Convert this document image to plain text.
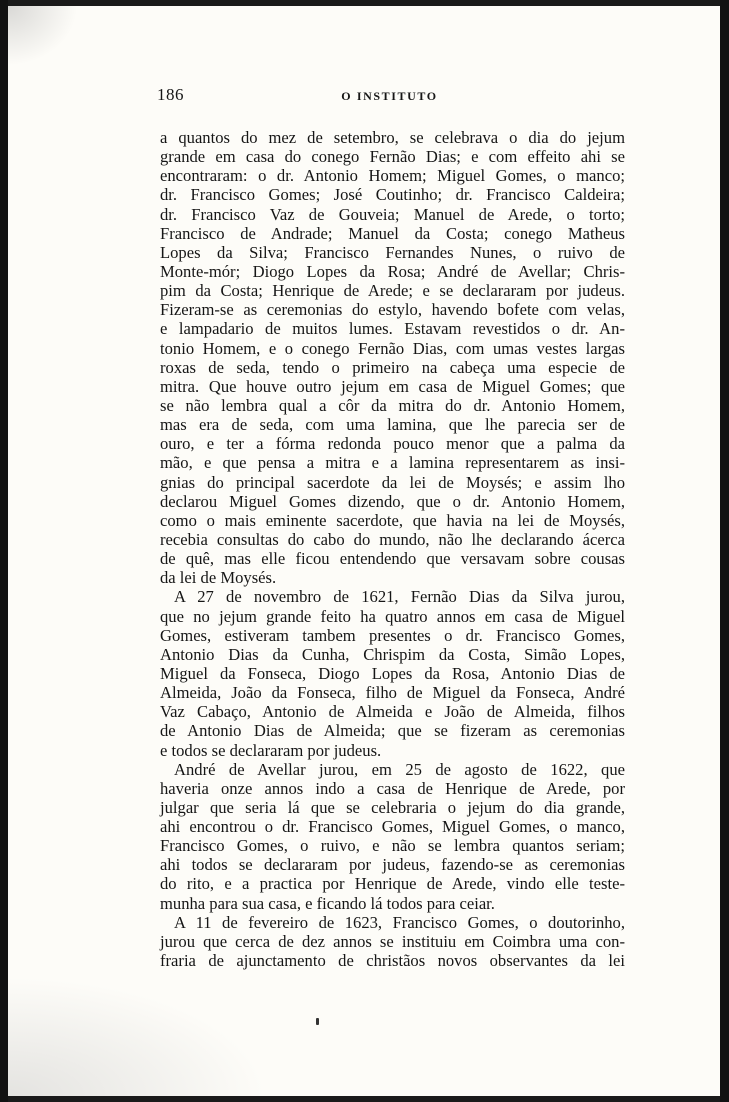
186	O INSTITUTO
a quantos do mez de setembro, se celebrava o dia do jejum
grande em casa do conego Fernão Dias; e com effeito ahi se
encontraram: o dr. Antonio Homem; Miguel Gomes, o manco;
dr. Francisco Gomes; José Coutinho; dr. Francisco Caldeira;
dr. Francisco Vaz de Gouveia; Manuel de Arede, o torto;
Francisco de Andrade; Manuel da Costa; conego Matheus
Lopes da Silva; Francisco Fernandes Nunes, o ruivo de
Monte-mór; Diogo Lopes da Rosa; André de Avellar; Chris-
pim da Costa; Henrique de Arede; e se declararam por judeus.
Fizeram-se as ceremonias do estylo, havendo bofete com velas,
e lampadario de muitos lumes. Estavam revestidos o dr. An-
tonio Homem, e o conego Fernão Dias, com umas vestes largas
roxas de seda, tendo o primeiro na cabeça uma especie de
mitra. Que houve outro jejum em casa de Miguel Gomes; que
se não lembra qual a côr da mitra do dr. Antonio Homem,
mas era de seda, com uma lamina, que lhe parecia ser de
ouro, e ter a fórma redonda pouco menor que a palma da
mão, e que pensa a mitra e a lamina representarem as insi-
gnias do principal sacerdote da lei de Moysés; e assim lho
declarou Miguel Gomes dizendo, que o dr. Antonio Homem,
como o mais eminente sacerdote, que havia na lei de Moysés,
recebia consultas do cabo do mundo, não lhe declarando ácerca
de quê, mas elle ficou entendendo que versavam sobre cousas
da lei de Moysés.
A 27 de novembro de 1621, Fernão Dias da Silva jurou,
que no jejum grande feito ha quatro annos em casa de Miguel
Gomes, estiveram tambem presentes o dr. Francisco Gomes,
Antonio Dias da Cunha, Chrispim da Costa, Simão Lopes,
Miguel da Fonseca, Diogo Lopes da Rosa, Antonio Dias de
Almeida, João da Fonseca, filho de Miguel da Fonseca, André
Vaz Cabaço, Antonio de Almeida e João de Almeida, filhos
de Antonio Dias de Almeida; que se fizeram as ceremonias
e todos se declararam por judeus.
André de Avellar jurou, em 25 de agosto de 1622, que
haveria onze annos indo a casa de Henrique de Arede, por
julgar que seria lá que se celebraria o jejum do dia grande,
ahi encontrou o dr. Francisco Gomes, Miguel Gomes, o manco,
Francisco Gomes, o ruivo, e não se lembra quantos seriam;
ahi todos se declararam por judeus, fazendo-se as ceremonias
do rito, e a practica por Henrique de Arede, vindo elle teste-
munha para sua casa, e ficando lá todos para ceiar.
A 11 de fevereiro de 1623, Francisco Gomes, o doutorinho,
jurou que cerca de dez annos se instituiu em Coimbra uma con-
fraria de ajunctamento de christãos novos observantes da lei
